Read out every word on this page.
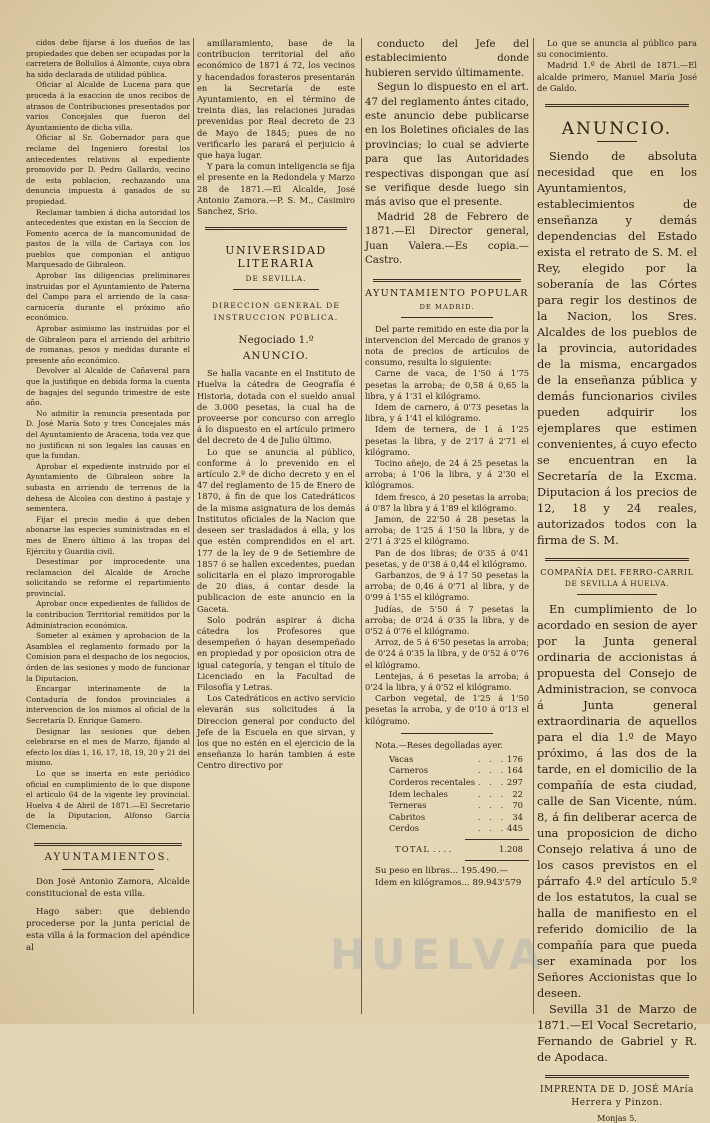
cidos debe fijarse á los dueños de las propiedades que deben ser ocupadas por la carretera de Bollullos á Almonte, cuya obra ha sido declarada de utilidad pública.

Oficiar al Alcalde de Lucena para que proceda á la exaccion de unos recibos de atrasos de Contribuciones presentados por varios Concejales que fueron del Ayuntamiento de dicha villa.

Oficiar al Sr. Gobernador para que reclame del Ingeniero forestal los antecedentes relativos al expediente promovido por D. Pedro Gallardo, vecino de esta poblacion, rechazando una denuncia impuesta á ganados de su propiedad.

Reclamar tambien á dicha autoridad los antecedentes que existan en la Seccion de Fomento acerca de la mancomunidad de pastos de la villa de Cartaya con los pueblos que componian el antiguo Marquesado de Gibraleon.

Aprobar las diligencias preliminares instruidas por el Ayuntamiento de Paterna del Campo para el arriendo de la casa-carnicería durante el próximo año económico.

Aprobar asimismo las instruidas por el de Gibraleon para el arriendo del arbitrio de romanas, pesos y medidas durante el presente año económico.

Devolver al Alcalde de Cañaveral para que la justifique en debida forma la cuenta de bagajes del segundo trimestre de este año.

No admitir la renuncia presentada por D. José María Soto y tres Concejales más del Ayuntamiento de Aracena, toda vez que no justifican ni son legales las causas en que la fundan.

Aprobar el expediente instruido por el Ayuntamiento de Gibraleon sobre la subasta en arriendo de terrenos de la dehesa de Alcolea con destino á pastaje y sementera.

Fijar el precio medio á que deben abonarse las especies suministradas en el mes de Enero último á las tropas del Ejército y Guardia civil.

Desestimar por improcedente una reclamacion del Alcalde de Aroche solicitando se reforme el repartimiento provincial.

Aprobar once expedientes de fallidos de la contribucion Territorial remitidos por la Administracion económica.

Someter al exámen y aprobacion de la Asamblea el reglamento formado por la Comision para el despacho de los negocios, órden de las sesiones y modo de funcionar la Diputacion.

Encargar interinamente de la Contaduría de fondos provinciales á intervencion de los mismos al oficial de la Secretaría D. Enrique Gamero.

Designar las sesiones que deben celebrarse en el mes de Marzo, fijando al efecto los dias 1, 16, 17, 18, 19, 20 y 21 del mismo.

Lo que se inserta en este periódico oficial en cumplimiento de lo que dispone el artículo 64 de la vigente ley provincial. Huelva 4 de Abril de 1871.—El Secretario de la Diputacion, Alfonso García Clemencia.

AYUNTAMIENTOS.

Don José Antonio Zamora, Alcalde constitucional de esta villa.

Hago saber: que debiendo procederse por la junta pericial de esta villa á la formacion del apéndice al

amillaramiento, base de la contribucion territorial del año económico de 1871 á 72, los vecinos y hacendados forasteros presentarán en la Secretaría de este Ayuntamiento, en el término de treinta dias, las relaciones juradas prevenidas por Real decreto de 23 de Mayo de 1845; pues de no verificarlo les parará el perjuicio á que haya lugar.

Y para la comun inteligencia se fija el presente en la Redondela y Marzo 28 de 1871.—El Alcalde, José Antonio Zamora.—P. S. M., Casimiro Sanchez, Srio.

UNIVERSIDAD LITERARIA
DE SEVILLA.
DIRECCION GENERAL DE INSTRUCCION PÚBLICA.
Negociado 1.º
ANUNCIO.

Se halla vacante en el Instituto de Huelva la cátedra de Geografía é Historia, dotada con el sueldo anual de 3.000 pesetas, la cual ha de proveerse por concurso con arreglo á lo dispuesto en el artículo primero del decreto de 4 de Julio último.

Lo que se anuncia al público, conforme á lo prevenido en el artículo 2.º de dicho decreto y en el 47 del reglamento de 15 de Enero de 1870, á fin de que los Catedráticos de la misma asignatura de los demás Institutos oficiales de la Nacion que deseen ser trasladados á ella, y los que estén comprendidos en el art. 177 de la ley de 9 de Setiembre de 1857 ó se hallen excedentes, puedan solicitarla en el plazo improrogable de 20 dias, á contar desde la publicacion de este anuncio en la Gaceta.

Solo podrán aspirar á dicha cátedra los Profesores que desempeñen ó hayan desempeñado en propiedad y por oposicion otra de igual categoría, y tengan el título de Licenciado en la Facultad de Filosofía y Letras.

Los Catedráticos en activo servicio elevarán sus solicitudes á la Direccion general por conducto del Jefe de la Escuela en que sirvan, y los que no estén en el ejercicio de la enseñanza lo harán tambien á este Centro directivo por

conducto del Jefe del establecimiento donde hubieren servido últimamente.

Segun lo dispuesto en el art. 47 del reglamento ántes citado, este anuncio debe publicarse en los Boletines oficiales de las provincias; lo cual se advierte para que las Autoridades respectivas dispongan que así se verifique desde luego sin más aviso que el presente.

Madrid 28 de Febrero de 1871.—El Director general, Juan Valera.—Es copia.—Castro.

AYUNTAMIENTO POPULAR
DE MADRID.

Del parte remitido en este dia por la intervencion del Mercado de granos y nota de precios de artículos de consumo, resulta lo siguiente:

Carne de vaca, de 1'50 á 1'75 pesetas la arroba; de 0,58 á 0,65 la libra, y á 1'31 el kilógramo.

Idem de carnero, á 0'73 pesetas la libra, y á 1'41 el kilógramo.

Idem de ternera, de 1 á 1'25 pesetas la libra, y de 2'17 á 2'71 el kilógramo.

Tocino añejo, de 24 á 25 pesetas la arroba; á 1'06 la libra, y á 2'30 el kilógramos.

Idem fresco, á 20 pesetas la arroba; á 0'87 la libra y á 1'89 el kilógramo.

Jamon, de 22'50 á 28 pesetas la arroba; de 1'25 á 1'50 la libra, y de 2'71 á 3'25 el kilógramo.

Pan de dos libras; de 0'35 á 0'41 pesetas, y de 0'38 á 0,44 el kilógramo.

Garbanzos, de 9 á 17 50 pesetas la arroba; de 0,46 á 0'71 al libra, y de 0'99 á 1'55 el kilógramo.

Judías, de 5'50 á 7 pesetas la arroba; de 0'24 á 0'35 la libra, y de 0'52 á 0'76 el kilógramo.

Arroz, de 5 á 6'50 pesetas la arroba; de 0'24 á 0'35 la libra, y de 0'52 á 0'76 el kilógramo.

Lentejas, á 6 pesetas la arroba; á 0'24 la libra, y á 0'52 el kilógramo.

Carbon vegetal, de 1'25 á 1'50 pesetas la arroba, y de 0'10 á 0'13 el kilógramo.

Nota.—Reses degolladas ayer.
Vacas	. . .	176
Carneros	. . .	164
Corderos recentales	. . .	297
Idem lechales	. . .	22
Terneras	. . .	70
Cabritos	. . .	34
Cerdos	. . .	445
TOTAL . . . .	1.208
Su peso en libras... 195.490.—
Idem en kilógramos... 89.943'579

Lo que se anuncia al público para su conocimiento.

Madrid 1.º de Abril de 1871.—El alcalde primero, Manuel María José de Galdo.

ANUNCIO.

Siendo de absoluta necesidad que en los Ayuntamientos, establecimientos de enseñanza y demás dependencias del Estado exista el retrato de S. M. el Rey, elegido por la soberanía de las Córtes para regir los destinos de la Nacion, los Sres. Alcaldes de los pueblos de la provincia, autoridades de la misma, encargados de la enseñanza pública y demás funcionarios civiles pueden adquirir los ejemplares que estimen convenientes, á cuyo efecto se encuentran en la Secretaría de la Excma. Diputacion á los precios de 12, 18 y 24 reales, autorizados todos con la firma de S. M.

COMPAÑÍA DEL FERRO-CARRIL
DE SEVILLA Á HUELVA.

En cumplimiento de lo acordado en sesion de ayer por la Junta general ordinaria de accionistas á propuesta del Consejo de Administracion, se convoca á Junta general extraordinaria de aquellos para el dia 1.º de Mayo próximo, á las dos de la tarde, en el domicilio de la compañía de esta ciudad, calle de San Vicente, núm. 8, á fin deliberar acerca de una proposicion de dicho Consejo relativa á uno de los casos previstos en el párrafo 4.º del artículo 5.º de los estatutos, la cual se halla de manifiesto en el referido domicilio de la compañía para que pueda ser examinada por los Señores Accionistas que lo deseen.

Sevilla 31 de Marzo de 1871.—El Vocal Secretario, Fernando de Gabriel y R. de Apodaca.

IMPRENTA DE D. JOSÉ MAría Herrera y Pinzon.
Monjas 5.
HUELVA
